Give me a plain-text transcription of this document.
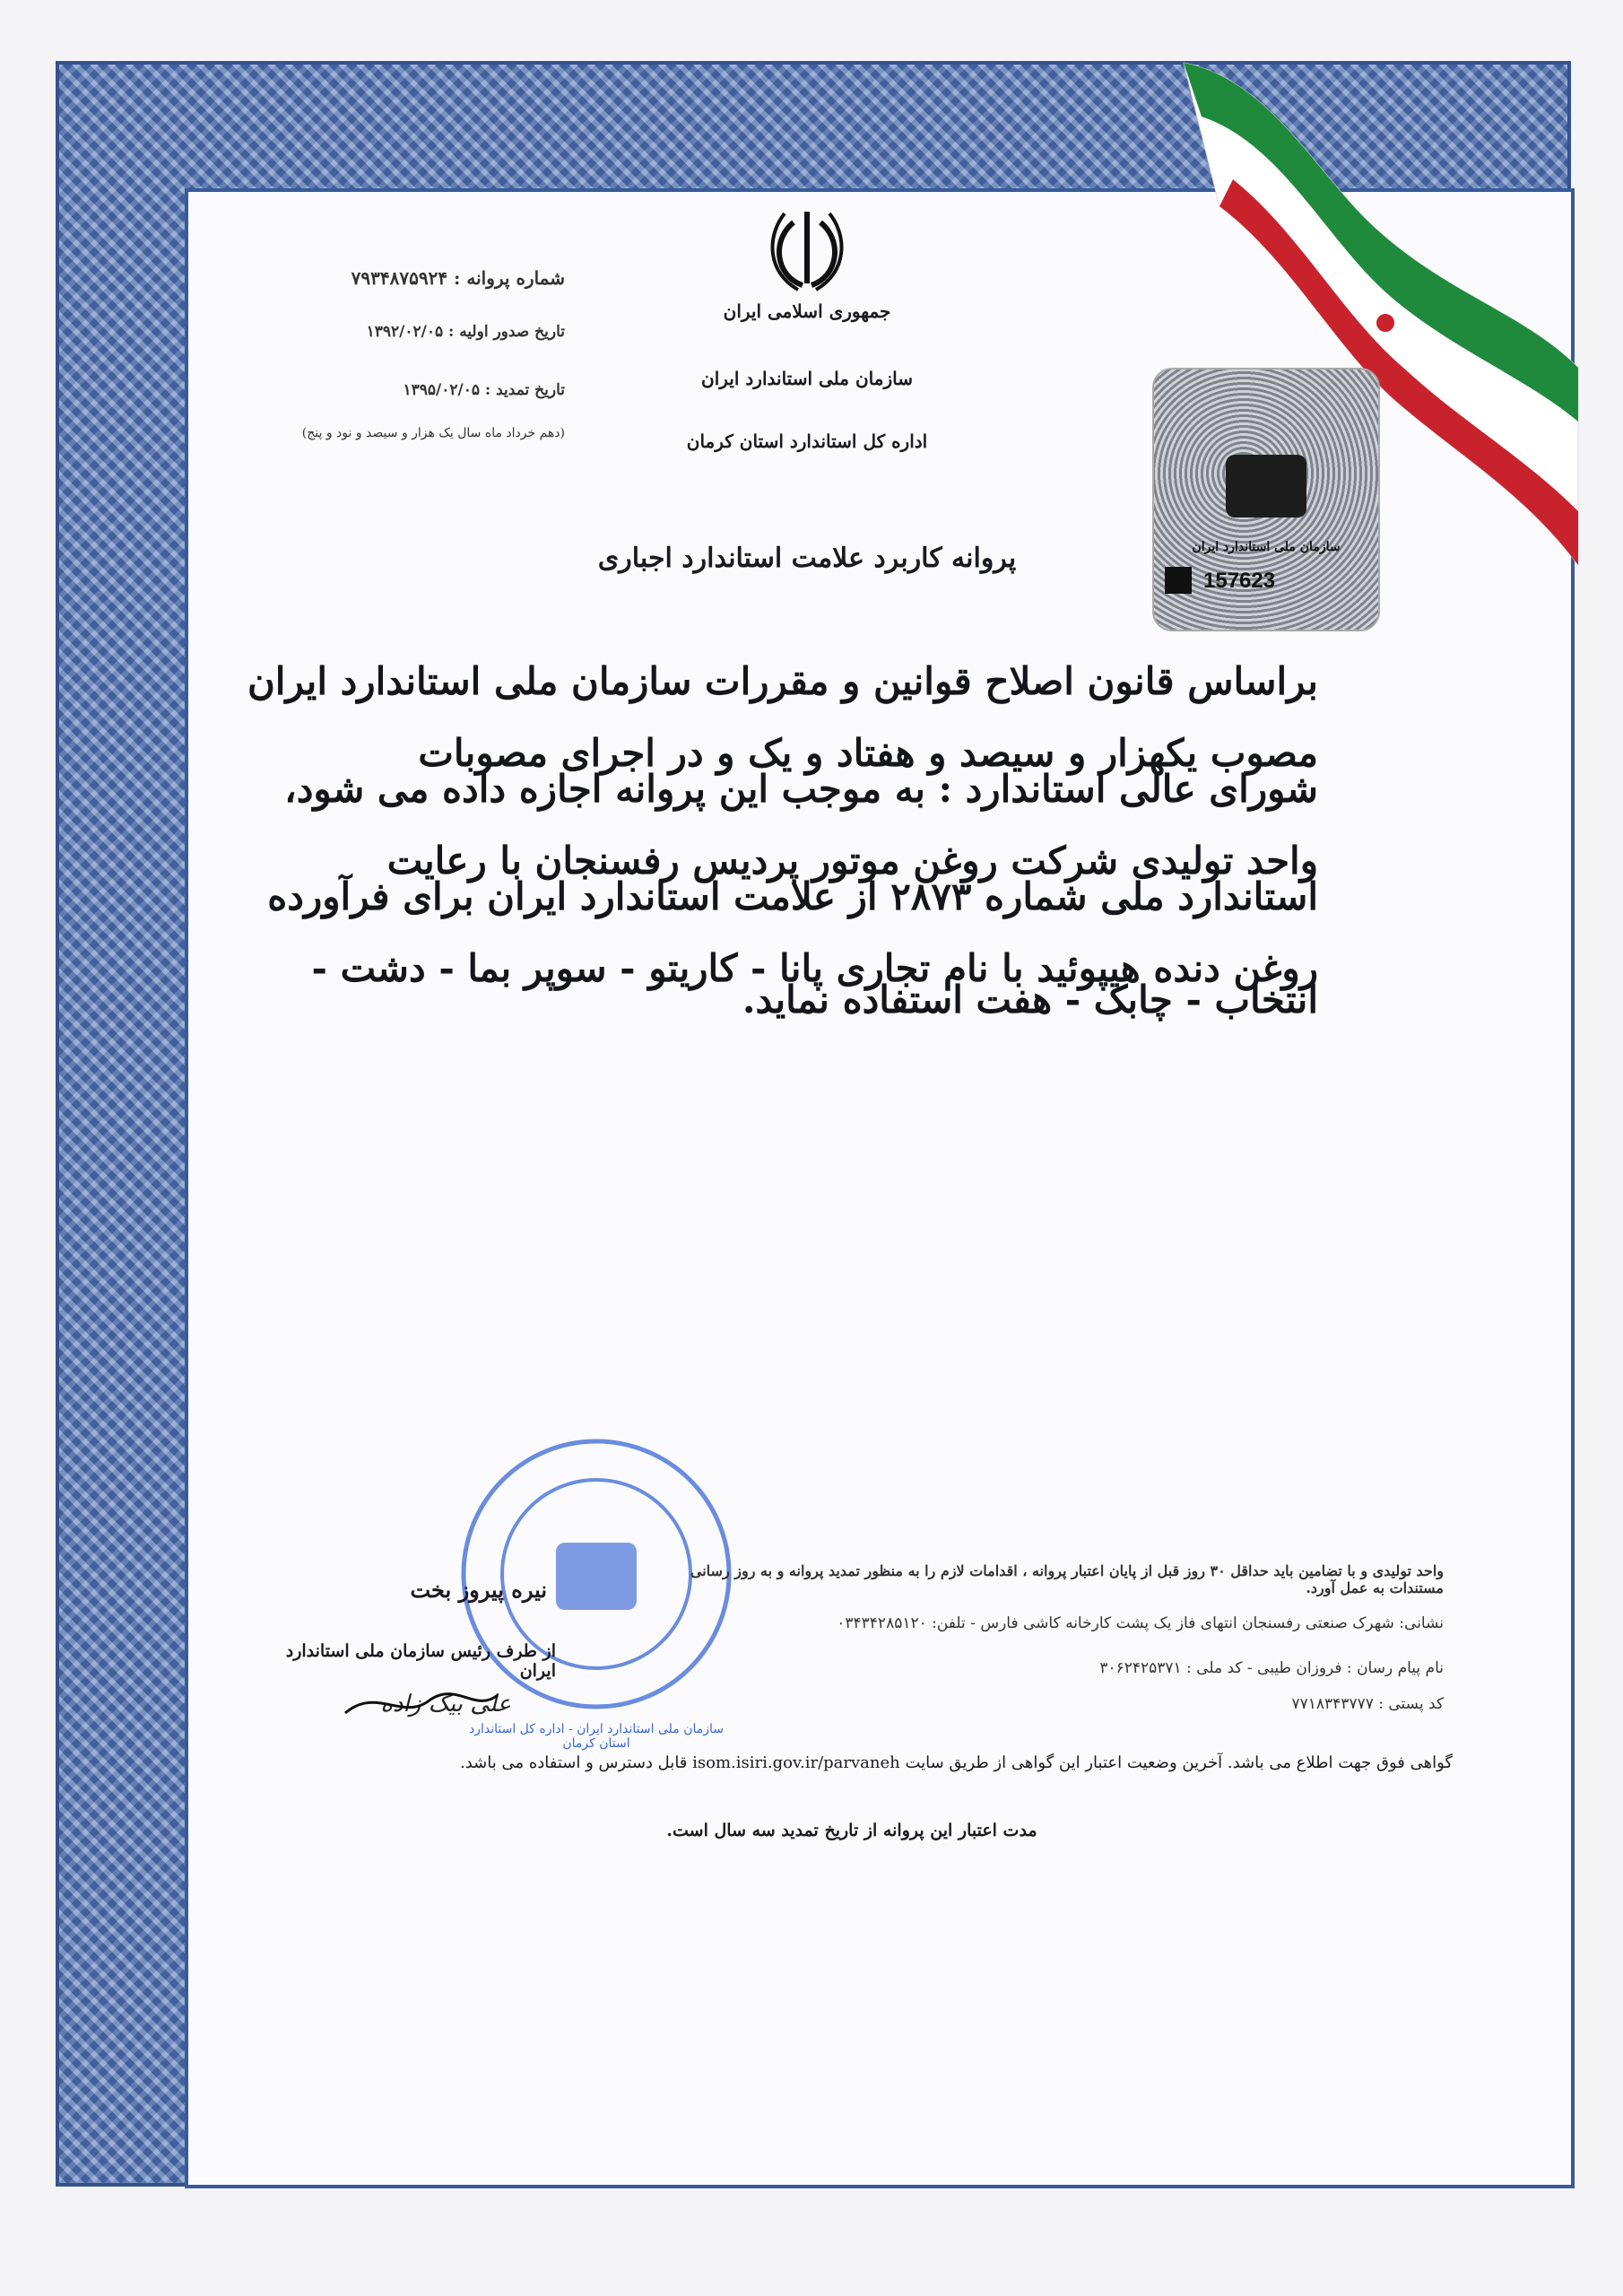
جمهوری اسلامی ایران
سازمان ملی استاندارد ایران
اداره کل استاندارد استان کرمان
شماره پروانه : ۷۹۳۴۸۷۵۹۲۴
تاریخ صدور اولیه : ۱۳۹۲/۰۲/۰۵
تاریخ تمدید : ۱۳۹۵/۰۲/۰۵
(دهم خرداد ماه سال یک هزار و سیصد و نود و پنج)
سازمان ملی استاندارد ایران
157623
پروانه کاربرد علامت استاندارد اجباری
براساس قانون اصلاح قوانین و مقررات سازمان ملی استاندارد ایران مصوب یکهزار و سیصد و هفتاد و یک و در اجرای مصوبات
شورای عالی استاندارد : به موجب این پروانه اجازه داده می شود، واحد تولیدی شرکت روغن موتور پردیس رفسنجان با رعایت
استاندارد ملی شماره ۲۸۷۳ از علامت استاندارد ایران برای فرآورده روغن دنده هیپوئید با نام تجاری پانا - کاریتو - سوپر بما - دشت -
انتخاب - چابک - هفت استفاده نماید.
سازمان ملی استاندارد ایران - اداره کل استاندارد استان کرمان
واحد تولیدی و با تضامین باید حداقل ۳۰ روز قبل از پایان اعتبار پروانه ، اقدامات لازم را به منظور تمدید پروانه و به روز رسانی مستندات به عمل آورد.
نشانی: شهرک صنعتی رفسنجان انتهای فاز یک پشت کارخانه کاشی فارس - تلفن: ۰۳۴۳۴۲۸۵۱۲۰
نام پیام رسان : فروزان طیبی - کد ملی : ۳۰۶۲۴۲۵۳۷۱
کد پستی : ۷۷۱۸۳۴۳۷۷۷
نیره پیروز بخت
از طرف رئیس سازمان ملی استاندارد ایران
علی بیک زاده
گواهی فوق جهت اطلاع می باشد. آخرین وضعیت اعتبار این گواهی از طریق سایت isom.isiri.gov.ir/parvaneh قابل دسترس و استفاده می باشد.
مدت اعتبار این پروانه از تاریخ تمدید سه سال است.
